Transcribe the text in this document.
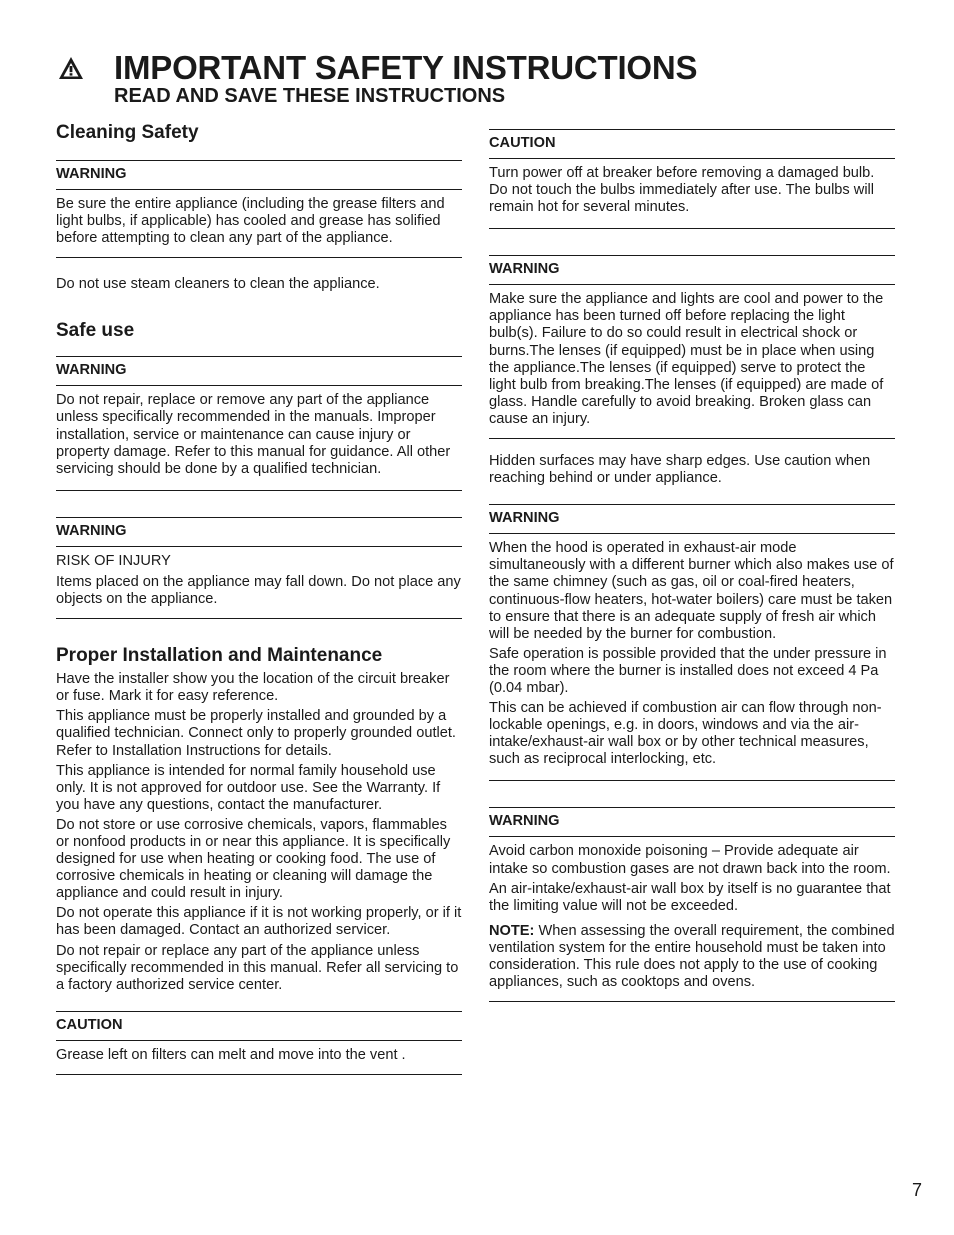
IMPORTANT SAFETY INSTRUCTIONS
READ AND SAVE THESE INSTRUCTIONS
Cleaning Safety
WARNING

Be sure the entire appliance (including the grease filters and light bulbs, if applicable) has cooled and grease has solified before attempting to clean any part of the appliance.

Do not use steam cleaners to clean the appliance.

Safe use
WARNING

Do not repair, replace or remove any part of the appliance unless specifically recommended in the manuals. Improper installation, service or maintenance can cause injury or property damage. Refer to this manual for guidance. All other servicing should be done by a qualified technician.

WARNING

RISK OF INJURY

Items placed on the appliance may fall down. Do not place any objects on the appliance.

Proper Installation and Maintenance

Have the installer show you the location of the circuit breaker or fuse. Mark it for easy reference.

This appliance must be properly installed and grounded by a qualified technician. Connect only to properly grounded outlet. Refer to Installation Instructions for details.

This appliance is intended for normal family household use only. It is not approved for outdoor use. See the Warranty. If you have any questions, contact the manufacturer.

Do not store or use corrosive chemicals, vapors, flammables or nonfood products in or near this appliance. It is specifically designed for use when heating or cooking food. The use of corrosive chemicals in heating or cleaning will damage the appliance and could result in injury.

Do not operate this appliance if it is not working properly, or if it has been damaged. Contact an authorized servicer.

Do not repair or replace any part of the appliance unless specifically recommended in this manual. Refer all servicing to a factory authorized service center.

CAUTION

Grease left on filters can melt and move into the vent .

CAUTION

Turn power off at breaker before removing a damaged bulb. Do not touch the bulbs immediately after use. The bulbs will remain hot for several minutes.

WARNING

Make sure the appliance and lights are cool and power to the appliance has been turned off before replacing the light bulb(s). Failure to do so could result in electrical shock or burns.The lenses (if equipped) must be in place when using the appliance.The lenses (if equipped) serve to protect the light bulb from breaking.The lenses (if equipped) are made of glass. Handle carefully to avoid breaking. Broken glass can cause an injury.

Hidden surfaces may have sharp edges. Use caution when reaching behind or under appliance.

WARNING

When the hood is operated in exhaust-air mode simultaneously with a different burner which also makes use of the same chimney (such as gas, oil or coal-fired heaters, continuous-flow heaters, hot-water boilers) care must be taken to ensure that there is an adequate supply of fresh air which will be needed by the burner for combustion.

Safe operation is possible provided that the under pressure in the room where the burner is installed does not exceed 4 Pa (0.04 mbar).

This can be achieved if combustion air can flow through non-lockable openings, e.g. in doors, windows and via the air-intake/exhaust-air wall box or by other technical measures, such as reciprocal interlocking, etc.

WARNING

Avoid carbon monoxide poisoning – Provide adequate air intake so combustion gases are not drawn back into the room.

An air-intake/exhaust-air wall box by itself is no guarantee that the limiting value will not be exceeded.

NOTE: When assessing the overall requirement, the combined ventilation system for the entire household must be taken into consideration. This rule does not apply to the use of cooking appliances, such as cooktops and ovens.

7
